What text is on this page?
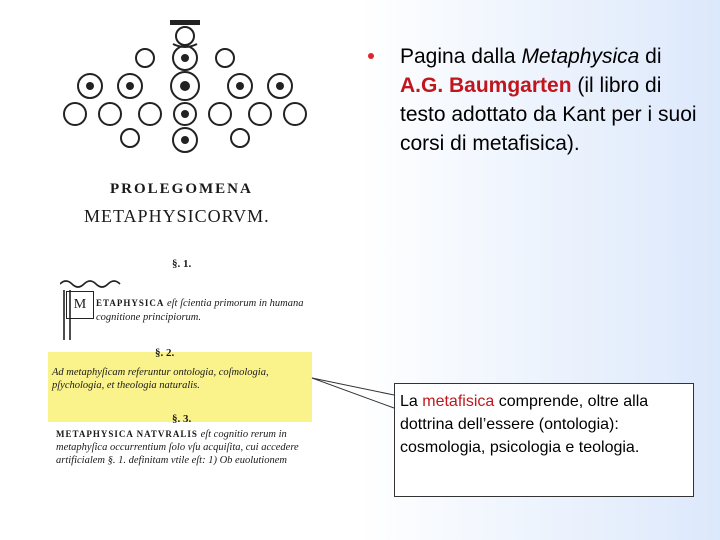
PROLEGOMENA
METAPHYSICORVM.
§. 1.
M	ETAPHYSICA eſt ſcientia primorum in humana cognitione principiorum.
§. 2.
Ad metaphyſicam referuntur ontologia, coſmologia, pſychologia, et theologia naturalis.
§. 3.
METAPHYSICA NATVRALIS eſt cognitio rerum in metaphyſica occurrentium ſolo vſu acquiſita, cui accedere artificialem §. 1. definitam vtile eſt: 1) Ob euolutionem
Pagina dalla Metaphysica di A.G. Baumgarten (il libro di testo adottato da Kant per i suoi corsi di metafisica).
La metafisica comprende, oltre alla dottrina dell’essere (ontologia): cosmologia, psicologia e teologia.
